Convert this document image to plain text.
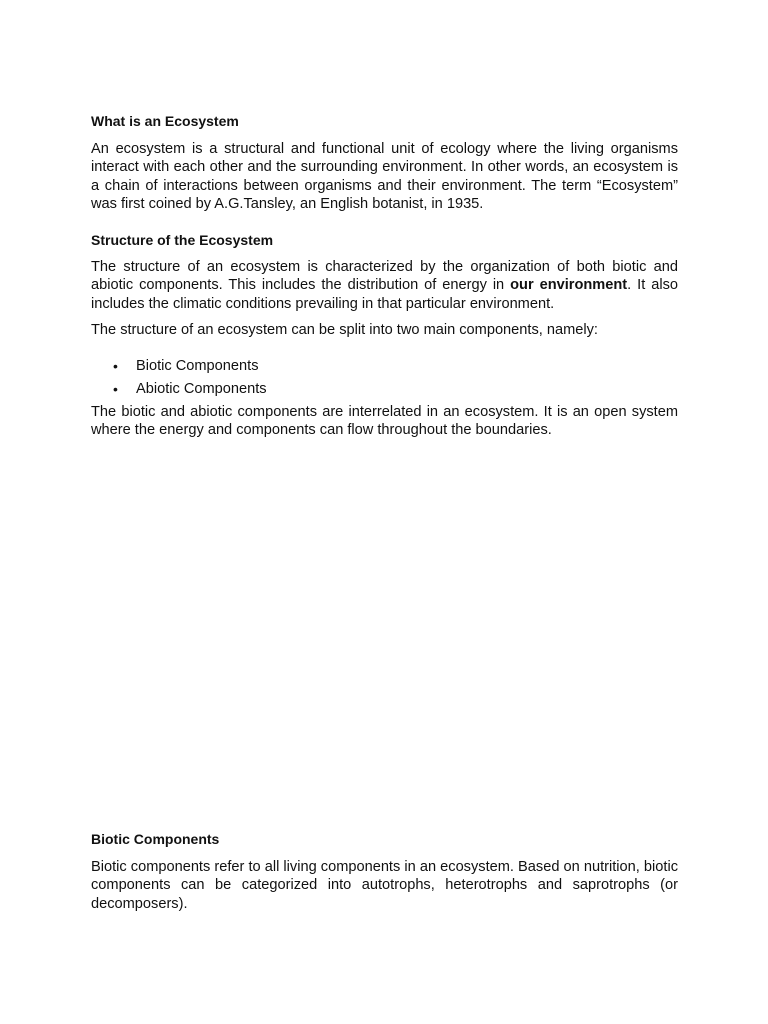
What is an Ecosystem

An ecosystem is a structural and functional unit of ecology where the living organisms interact with each other and the surrounding environment. In other words, an ecosystem is a chain of interactions between organisms and their environment. The term “Ecosystem” was first coined by A.G.Tansley, an English botanist, in 1935.

Structure of the Ecosystem

The structure of an ecosystem is characterized by the organization of both biotic and abiotic components. This includes the distribution of energy in our environment. It also includes the climatic conditions prevailing in that particular environment.

The structure of an ecosystem can be split into two main components, namely:

• Biotic Components
• Abiotic Components

The biotic and abiotic components are interrelated in an ecosystem. It is an open system where the energy and components can flow throughout the boundaries.

Biotic Components

Biotic components refer to all living components in an ecosystem. Based on nutrition, biotic components can be categorized into autotrophs, heterotrophs and saprotrophs (or decomposers).
